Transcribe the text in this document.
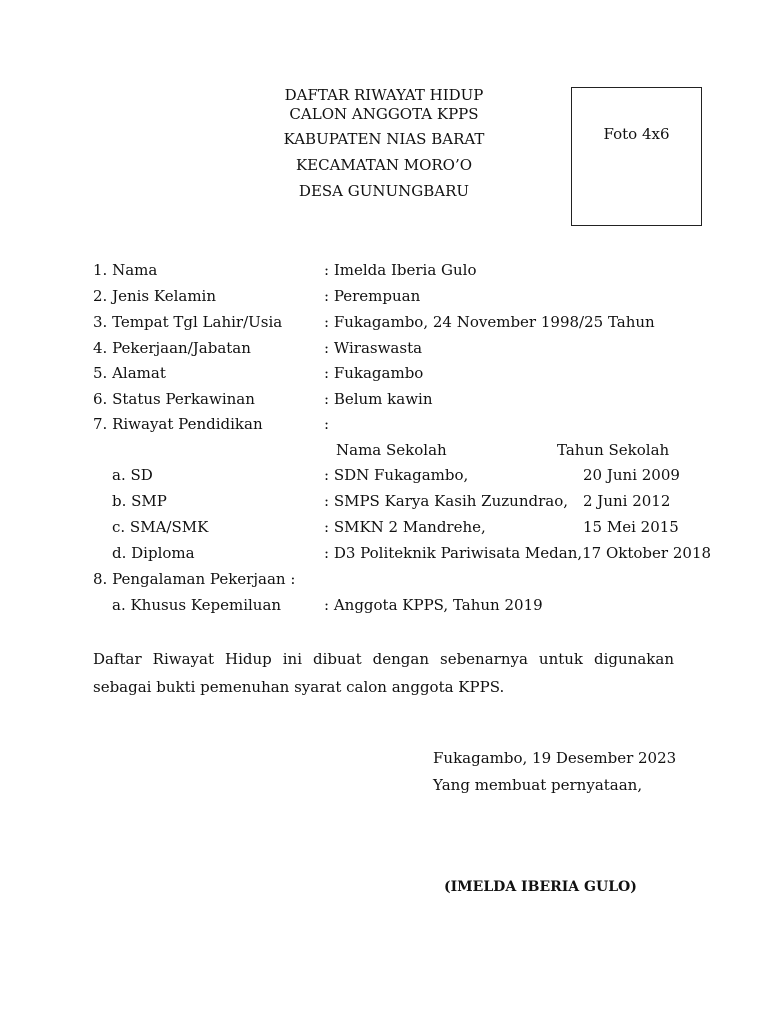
DAFTAR RIWAYAT HIDUP
CALON ANGGOTA KPPS
KABUPATEN NIAS BARAT
KECAMATAN MORO’O
DESA GUNUNGBARU
Foto 4x6
1. Nama	: Imelda Iberia Gulo
2. Jenis Kelamin	: Perempuan
3. Tempat Tgl Lahir/Usia	: Fukagambo, 24 November 1998/25 Tahun
4. Pekerjaan/Jabatan	: Wiraswasta
5. Alamat	: Fukagambo
6. Status Perkawinan	: Belum kawin
7. Riwayat Pendidikan	:
Nama Sekolah	Tahun Sekolah
a. SD	: SDN Fukagambo,	20 Juni 2009
b. SMP	: SMPS Karya Kasih Zuzundrao, 2 Juni 2012
c. SMA/SMK	: SMKN 2 Mandrehe,	15 Mei 2015
d. Diploma	: D3 Politeknik Pariwisata Medan,17 Oktober 2018
8. Pengalaman Pekerjaan :
a. Khusus Kepemiluan	: Anggota KPPS, Tahun 2019
Daftar Riwayat Hidup ini dibuat dengan sebenarnya untuk digunakan
sebagai bukti pemenuhan syarat calon anggota KPPS.
Fukagambo, 19 Desember 2023
Yang membuat pernyataan,
(IMELDA IBERIA GULO)
